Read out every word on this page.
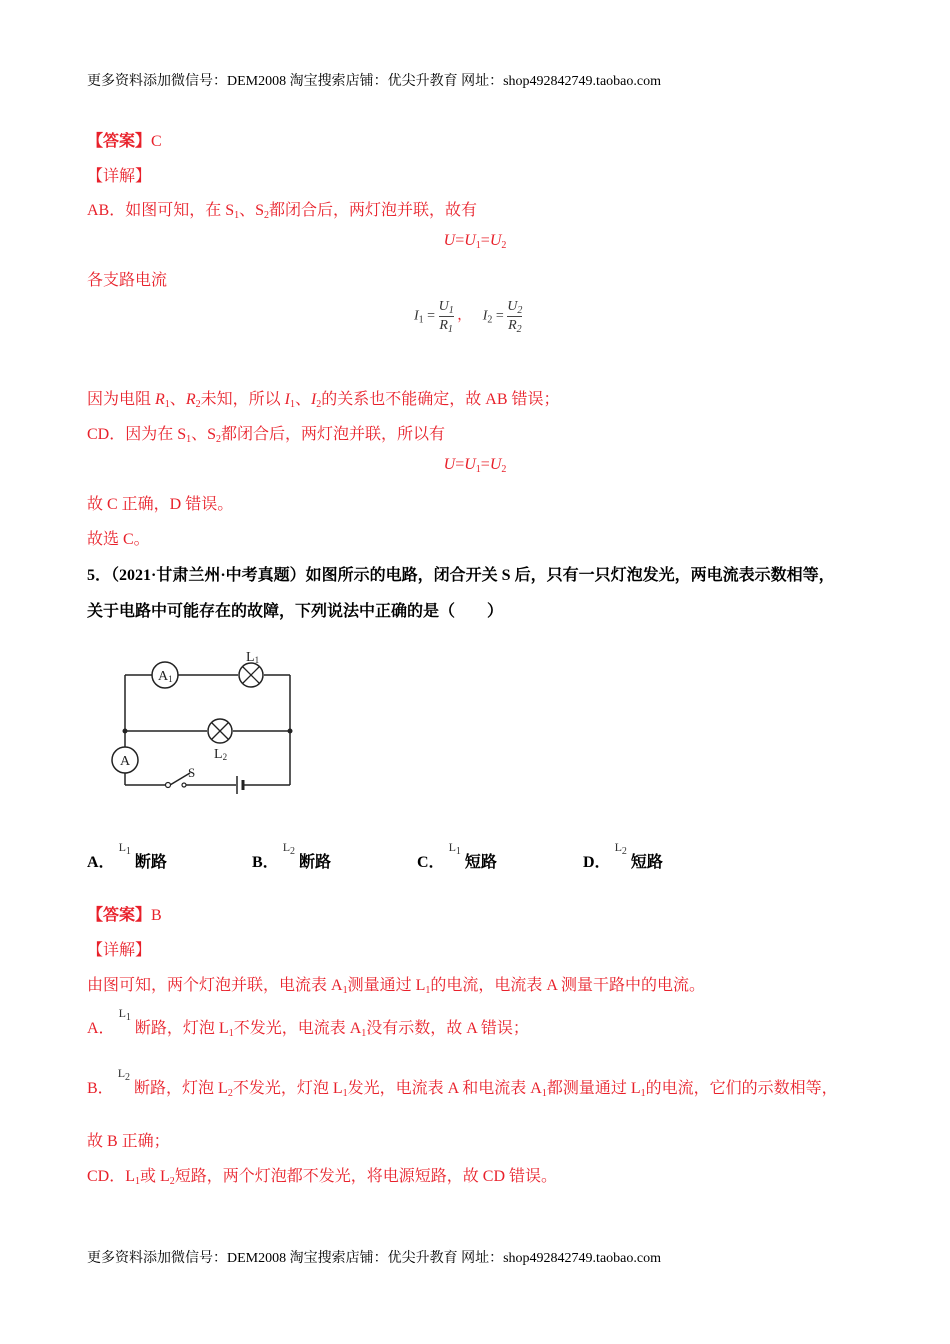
更多资料添加微信号：DEM2008 淘宝搜索店铺：优尖升教育 网址：shop492842749.taobao.com
【答案】C
【详解】
AB．如图可知，在 $S_1$、$S_2$都闭合后，两灯泡并联，故有
$U=U_1=U_2$
各支路电流
$I_1 = \frac{U_1}{R_1}$ ， $I_2 = \frac{U_2}{R_2}$
因为电阻 $R_1$、$R_2$未知，所以 $I_1$、$I_2$的关系也不能确定，故 AB 错误；
CD．因为在 $S_1$、$S_2$都闭合后，两灯泡并联，所以有
$U=U_1=U_2$
故 C 正确，D 错误。
故选 C。
5．（2021·甘肃兰州·中考真题）如图所示的电路，闭合开关 S 后，只有一只灯泡发光，两电流表示数相等，
关于电路中可能存在的故障，下列说法中正确的是（　　）
A1
A
L1
L2
S
A． $L_1$ 断路	B． $L_2$ 断路	C． $L_1$ 短路	D． $L_2$ 短路
【答案】B
【详解】
由图可知，两个灯泡并联，电流表 $A_1$测量通过 $L_1$的电流，电流表 A 测量干路中的电流。
A． $^{L_1}$ 断路，灯泡 $L_1$不发光，电流表 $A_1$没有示数，故 A 错误；
B． $^{L_2}$ 断路，灯泡 $L_2$不发光，灯泡 $L_1$发光，电流表 A 和电流表 $A_1$都测量通过 $L_1$的电流，它们的示数相等，
故 B 正确；
CD．$L_1$或 $L_2$短路，两个灯泡都不发光，将电源短路，故 CD 错误。
更多资料添加微信号：DEM2008 淘宝搜索店铺：优尖升教育 网址：shop492842749.taobao.com
